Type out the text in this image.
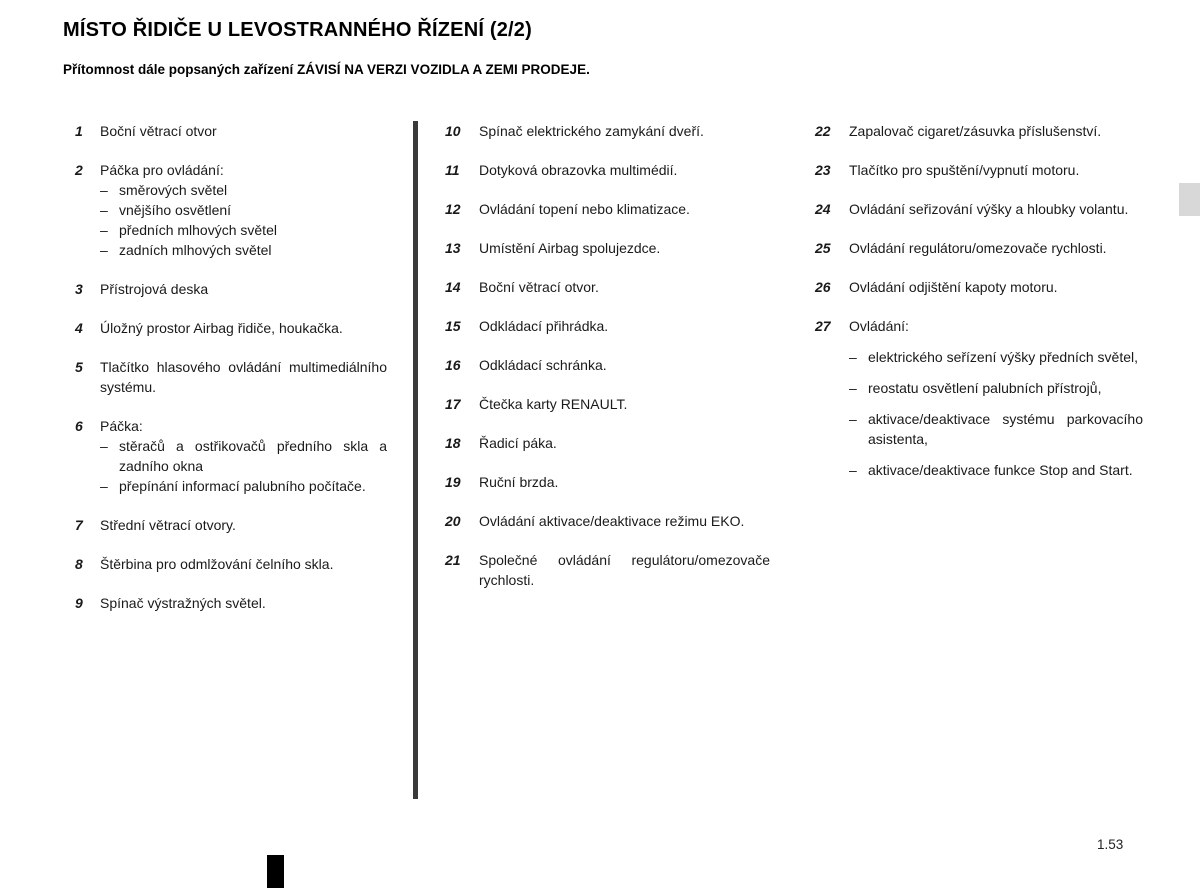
MÍSTO ŘIDIČE U LEVOSTRANNÉHO ŘÍZENÍ (2/2)
Přítomnost dále popsaných zařízení ZÁVISÍ NA VERZI VOZIDLA A ZEMI PRODEJE.
1	Boční větrací otvor
2	Páčka pro ovládání:
– směrových světel
– vnějšího osvětlení
– předních mlhových světel
– zadních mlhových světel
3	Přístrojová deska
4	Úložný prostor Airbag řidiče, houkačka.
5	Tlačítko hlasového ovládání multimediálního systému.
6	Páčka:
– stěračů a ostřikovačů předního skla a zadního okna
– přepínání informací palubního počítače.
7	Střední větrací otvory.
8	Štěrbina pro odmlžování čelního skla.
9	Spínač výstražných světel.
10	Spínač elektrického zamykání dveří.
11	Dotyková obrazovka multimédií.
12	Ovládání topení nebo klimatizace.
13	Umístění Airbag spolujezdce.
14	Boční větrací otvor.
15	Odkládací přihrádka.
16	Odkládací schránka.
17	Čtečka karty RENAULT.
18	Řadicí páka.
19	Ruční brzda.
20	Ovládání aktivace/deaktivace režimu EKO.
21	Společné ovládání regulátoru/omezovače rychlosti.
22	Zapalovač cigaret/zásuvka příslušenství.
23	Tlačítko pro spuštění/vypnutí motoru.
24	Ovládání seřizování výšky a hloubky volantu.
25	Ovládání regulátoru/omezovače rychlosti.
26	Ovládání odjištění kapoty motoru.
27	Ovládání:
– elektrického seřízení výšky předních světel,
– reostatu osvětlení palubních přístrojů,
– aktivace/deaktivace systému parkovacího asistenta,
– aktivace/deaktivace funkce Stop and Start.
1.53
